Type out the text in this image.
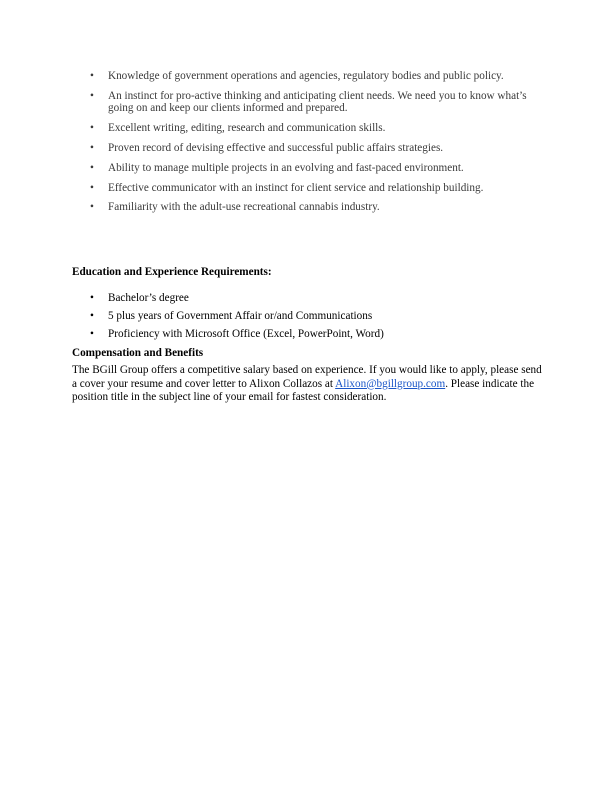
• Knowledge of government operations and agencies, regulatory bodies and public policy.
• An instinct for pro-active thinking and anticipating client needs. We need you to know what’s going on and keep our clients informed and prepared.
• Excellent writing, editing, research and communication skills.
• Proven record of devising effective and successful public affairs strategies.
• Ability to manage multiple projects in an evolving and fast-paced environment.
• Effective communicator with an instinct for client service and relationship building.
• Familiarity with the adult-use recreational cannabis industry.
Education and Experience Requirements:
• Bachelor’s degree
• 5 plus years of Government Affair or/and Communications
• Proficiency with Microsoft Office (Excel, PowerPoint, Word)
Compensation and Benefits

The BGill Group offers a competitive salary based on experience. If you would like to apply, please send a cover your resume and cover letter to Alixon Collazos at Alixon@bgillgroup.com. Please indicate the position title in the subject line of your email for fastest consideration.
